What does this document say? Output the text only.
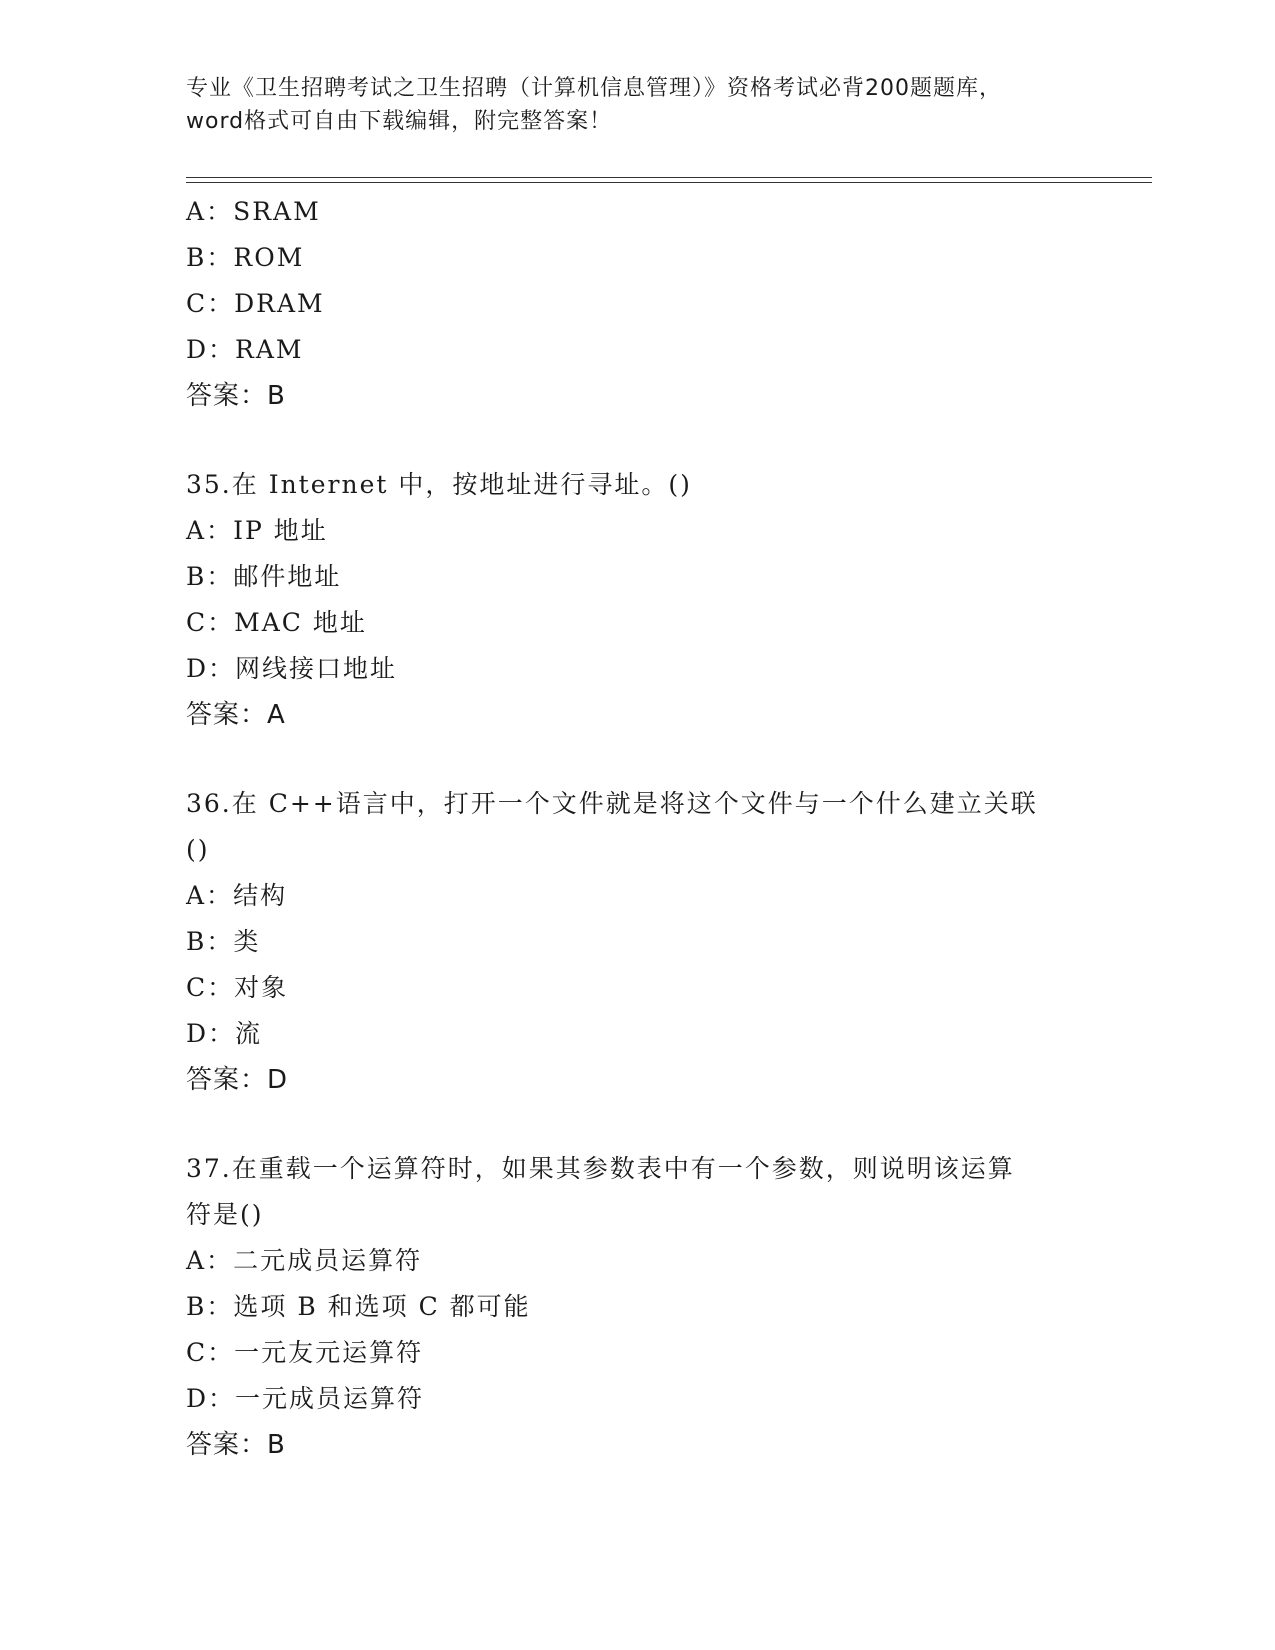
专业《卫生招聘考试之卫生招聘（计算机信息管理）》资格考试必背200题题库，
word格式可自由下载编辑，附完整答案！
A：SRAM
B：ROM
C：DRAM
D：RAM
答案：B
35.在 Internet 中，按地址进行寻址。()
A：IP 地址
B：邮件地址
C：MAC 地址
D：网线接口地址
答案：A
36.在 C++语言中，打开一个文件就是将这个文件与一个什么建立关联
()
A：结构
B：类
C：对象
D：流
答案：D
37.在重载一个运算符时，如果其参数表中有一个参数，则说明该运算
符是()
A：二元成员运算符
B：选项 B 和选项 C 都可能
C：一元友元运算符
D：一元成员运算符
答案：B
